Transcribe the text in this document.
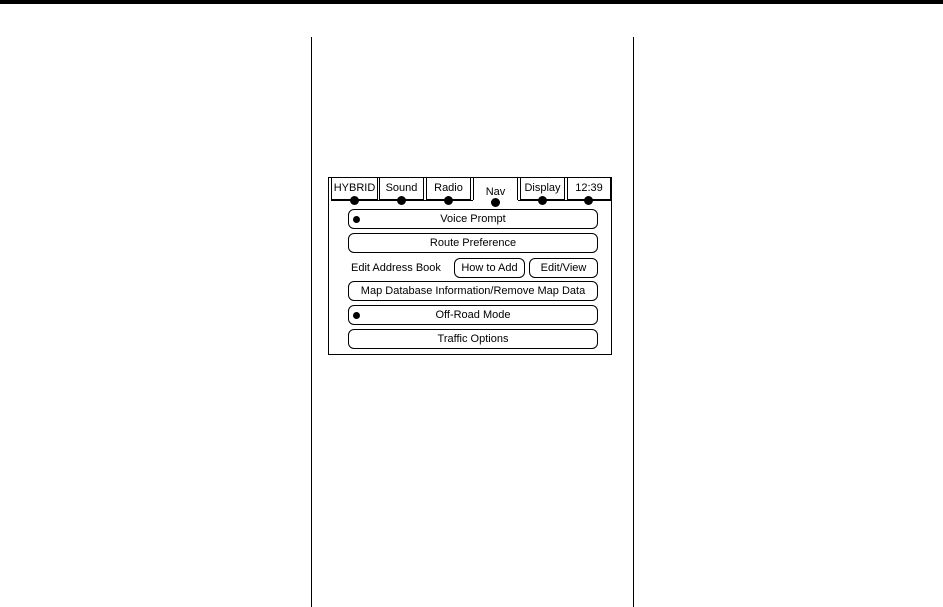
HYBRID Sound	Radio	Nav	Display	12:39
Voice Prompt
Route Preference
Edit Address Book	How to Add	Edit/View
Map Database Information/Remove Map Data
Off-Road Mode
Traffic Options
